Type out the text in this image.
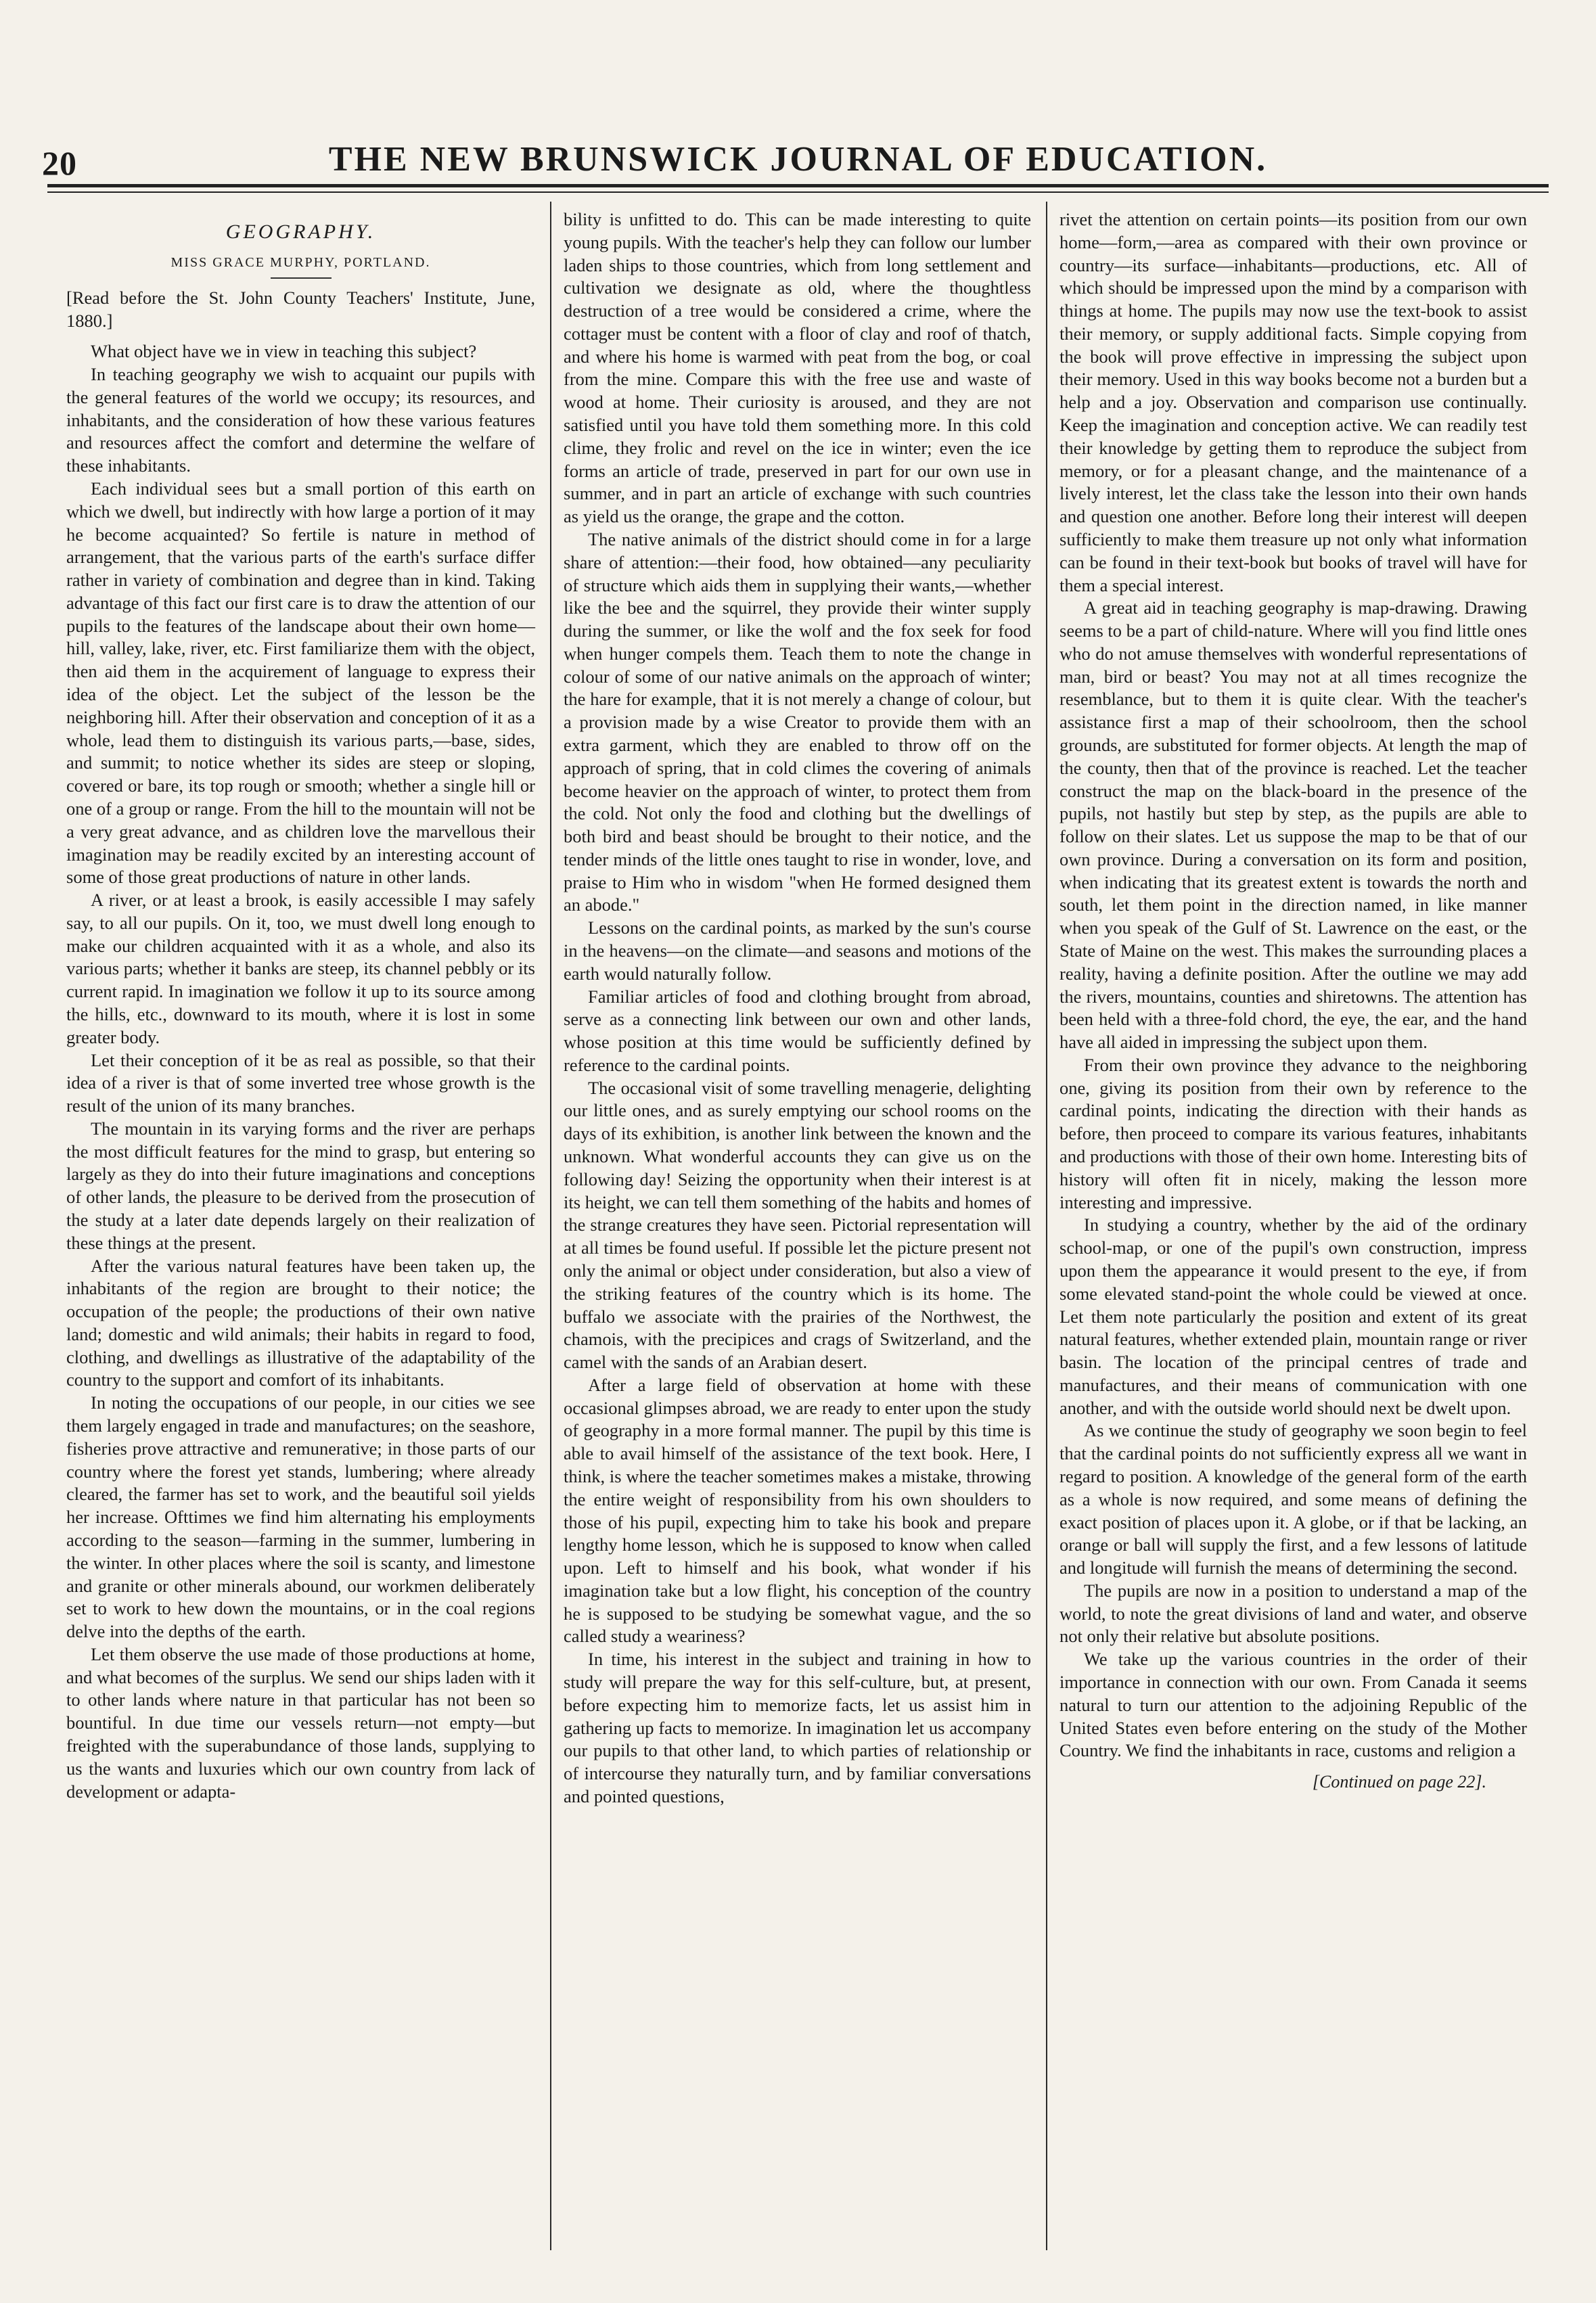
20	THE NEW BRUNSWICK JOURNAL OF EDUCATION.
GEOGRAPHY.
MISS GRACE MURPHY, PORTLAND.

[Read before the St. John County Teachers' Institute, June, 1880.]

What object have we in view in teaching this subject?

In teaching geography we wish to acquaint our pupils with the general features of the world we occupy; its resources, and inhabitants, and the consideration of how these various features and resources affect the comfort and determine the welfare of these inhabitants.

Each individual sees but a small portion of this earth on which we dwell, but indirectly with how large a portion of it may he become acquainted? So fertile is nature in method of arrangement, that the various parts of the earth's surface differ rather in variety of combination and degree than in kind. Taking advantage of this fact our first care is to draw the attention of our pupils to the features of the landscape about their own home—hill, valley, lake, river, etc. First familiarize them with the object, then aid them in the acquirement of language to express their idea of the object. Let the subject of the lesson be the neighboring hill. After their observation and conception of it as a whole, lead them to distinguish its various parts,—base, sides, and summit; to notice whether its sides are steep or sloping, covered or bare, its top rough or smooth; whether a single hill or one of a group or range. From the hill to the mountain will not be a very great advance, and as children love the marvellous their imagination may be readily excited by an interesting account of some of those great productions of nature in other lands.

A river, or at least a brook, is easily accessible I may safely say, to all our pupils. On it, too, we must dwell long enough to make our children acquainted with it as a whole, and also its various parts; whether it banks are steep, its channel pebbly or its current rapid. In imagination we follow it up to its source among the hills, etc., downward to its mouth, where it is lost in some greater body.

Let their conception of it be as real as possible, so that their idea of a river is that of some inverted tree whose growth is the result of the union of its many branches.

The mountain in its varying forms and the river are perhaps the most difficult features for the mind to grasp, but entering so largely as they do into their future imaginations and conceptions of other lands, the pleasure to be derived from the prosecution of the study at a later date depends largely on their realization of these things at the present.

After the various natural features have been taken up, the inhabitants of the region are brought to their notice; the occupation of the people; the productions of their own native land; domestic and wild animals; their habits in regard to food, clothing, and dwellings as illustrative of the adaptability of the country to the support and comfort of its inhabitants.

In noting the occupations of our people, in our cities we see them largely engaged in trade and manufactures; on the seashore, fisheries prove attractive and remunerative; in those parts of our country where the forest yet stands, lumbering; where already cleared, the farmer has set to work, and the beautiful soil yields her increase. Ofttimes we find him alternating his employments according to the season—farming in the summer, lumbering in the winter. In other places where the soil is scanty, and limestone and granite or other minerals abound, our workmen deliberately set to work to hew down the mountains, or in the coal regions delve into the depths of the earth.

Let them observe the use made of those productions at home, and what becomes of the surplus. We send our ships laden with it to other lands where nature in that particular has not been so bountiful. In due time our vessels return—not empty—but freighted with the superabundance of those lands, supplying to us the wants and luxuries which our own country from lack of development or adapta-

bility is unfitted to do. This can be made interesting to quite young pupils. With the teacher's help they can follow our lumber laden ships to those countries, which from long settlement and cultivation we designate as old, where the thoughtless destruction of a tree would be considered a crime, where the cottager must be content with a floor of clay and roof of thatch, and where his home is warmed with peat from the bog, or coal from the mine. Compare this with the free use and waste of wood at home. Their curiosity is aroused, and they are not satisfied until you have told them something more. In this cold clime, they frolic and revel on the ice in winter; even the ice forms an article of trade, preserved in part for our own use in summer, and in part an article of exchange with such countries as yield us the orange, the grape and the cotton.

The native animals of the district should come in for a large share of attention:—their food, how obtained—any peculiarity of structure which aids them in supplying their wants,—whether like the bee and the squirrel, they provide their winter supply during the summer, or like the wolf and the fox seek for food when hunger compels them. Teach them to note the change in colour of some of our native animals on the approach of winter; the hare for example, that it is not merely a change of colour, but a provision made by a wise Creator to provide them with an extra garment, which they are enabled to throw off on the approach of spring, that in cold climes the covering of animals become heavier on the approach of winter, to protect them from the cold. Not only the food and clothing but the dwellings of both bird and beast should be brought to their notice, and the tender minds of the little ones taught to rise in wonder, love, and praise to Him who in wisdom "when He formed designed them an abode."

Lessons on the cardinal points, as marked by the sun's course in the heavens—on the climate—and seasons and motions of the earth would naturally follow.

Familiar articles of food and clothing brought from abroad, serve as a connecting link between our own and other lands, whose position at this time would be sufficiently defined by reference to the cardinal points.

The occasional visit of some travelling menagerie, delighting our little ones, and as surely emptying our school rooms on the days of its exhibition, is another link between the known and the unknown. What wonderful accounts they can give us on the following day! Seizing the opportunity when their interest is at its height, we can tell them something of the habits and homes of the strange creatures they have seen. Pictorial representation will at all times be found useful. If possible let the picture present not only the animal or object under consideration, but also a view of the striking features of the country which is its home. The buffalo we associate with the prairies of the Northwest, the chamois, with the precipices and crags of Switzerland, and the camel with the sands of an Arabian desert.

After a large field of observation at home with these occasional glimpses abroad, we are ready to enter upon the study of geography in a more formal manner. The pupil by this time is able to avail himself of the assistance of the text book. Here, I think, is where the teacher sometimes makes a mistake, throwing the entire weight of responsibility from his own shoulders to those of his pupil, expecting him to take his book and prepare lengthy home lesson, which he is supposed to know when called upon. Left to himself and his book, what wonder if his imagination take but a low flight, his conception of the country he is supposed to be studying be somewhat vague, and the so called study a weariness?

In time, his interest in the subject and training in how to study will prepare the way for this self-culture, but, at present, before expecting him to memorize facts, let us assist him in gathering up facts to memorize. In imagination let us accompany our pupils to that other land, to which parties of relationship or of intercourse they naturally turn, and by familiar conversations and pointed questions,

rivet the attention on certain points—its position from our own home—form,—area as compared with their own province or country—its surface—inhabitants—productions, etc. All of which should be impressed upon the mind by a comparison with things at home. The pupils may now use the text-book to assist their memory, or supply additional facts. Simple copying from the book will prove effective in impressing the subject upon their memory. Used in this way books become not a burden but a help and a joy. Observation and comparison use continually. Keep the imagination and conception active. We can readily test their knowledge by getting them to reproduce the subject from memory, or for a pleasant change, and the maintenance of a lively interest, let the class take the lesson into their own hands and question one another. Before long their interest will deepen sufficiently to make them treasure up not only what information can be found in their text-book but books of travel will have for them a special interest.

A great aid in teaching geography is map-drawing. Drawing seems to be a part of child-nature. Where will you find little ones who do not amuse themselves with wonderful representations of man, bird or beast? You may not at all times recognize the resemblance, but to them it is quite clear. With the teacher's assistance first a map of their schoolroom, then the school grounds, are substituted for former objects. At length the map of the county, then that of the province is reached. Let the teacher construct the map on the black-board in the presence of the pupils, not hastily but step by step, as the pupils are able to follow on their slates. Let us suppose the map to be that of our own province. During a conversation on its form and position, when indicating that its greatest extent is towards the north and south, let them point in the direction named, in like manner when you speak of the Gulf of St. Lawrence on the east, or the State of Maine on the west. This makes the surrounding places a reality, having a definite position. After the outline we may add the rivers, mountains, counties and shiretowns. The attention has been held with a three-fold chord, the eye, the ear, and the hand have all aided in impressing the subject upon them.

From their own province they advance to the neighboring one, giving its position from their own by reference to the cardinal points, indicating the direction with their hands as before, then proceed to compare its various features, inhabitants and productions with those of their own home. Interesting bits of history will often fit in nicely, making the lesson more interesting and impressive.

In studying a country, whether by the aid of the ordinary school-map, or one of the pupil's own construction, impress upon them the appearance it would present to the eye, if from some elevated stand-point the whole could be viewed at once. Let them note particularly the position and extent of its great natural features, whether extended plain, mountain range or river basin. The location of the principal centres of trade and manufactures, and their means of communication with one another, and with the outside world should next be dwelt upon.

As we continue the study of geography we soon begin to feel that the cardinal points do not sufficiently express all we want in regard to position. A knowledge of the general form of the earth as a whole is now required, and some means of defining the exact position of places upon it. A globe, or if that be lacking, an orange or ball will supply the first, and a few lessons of latitude and longitude will furnish the means of determining the second.

The pupils are now in a position to understand a map of the world, to note the great divisions of land and water, and observe not only their relative but absolute positions.

We take up the various countries in the order of their importance in connection with our own. From Canada it seems natural to turn our attention to the adjoining Republic of the United States even before entering on the study of the Mother Country. We find the inhabitants in race, customs and religion a

[Continued on page 22].
